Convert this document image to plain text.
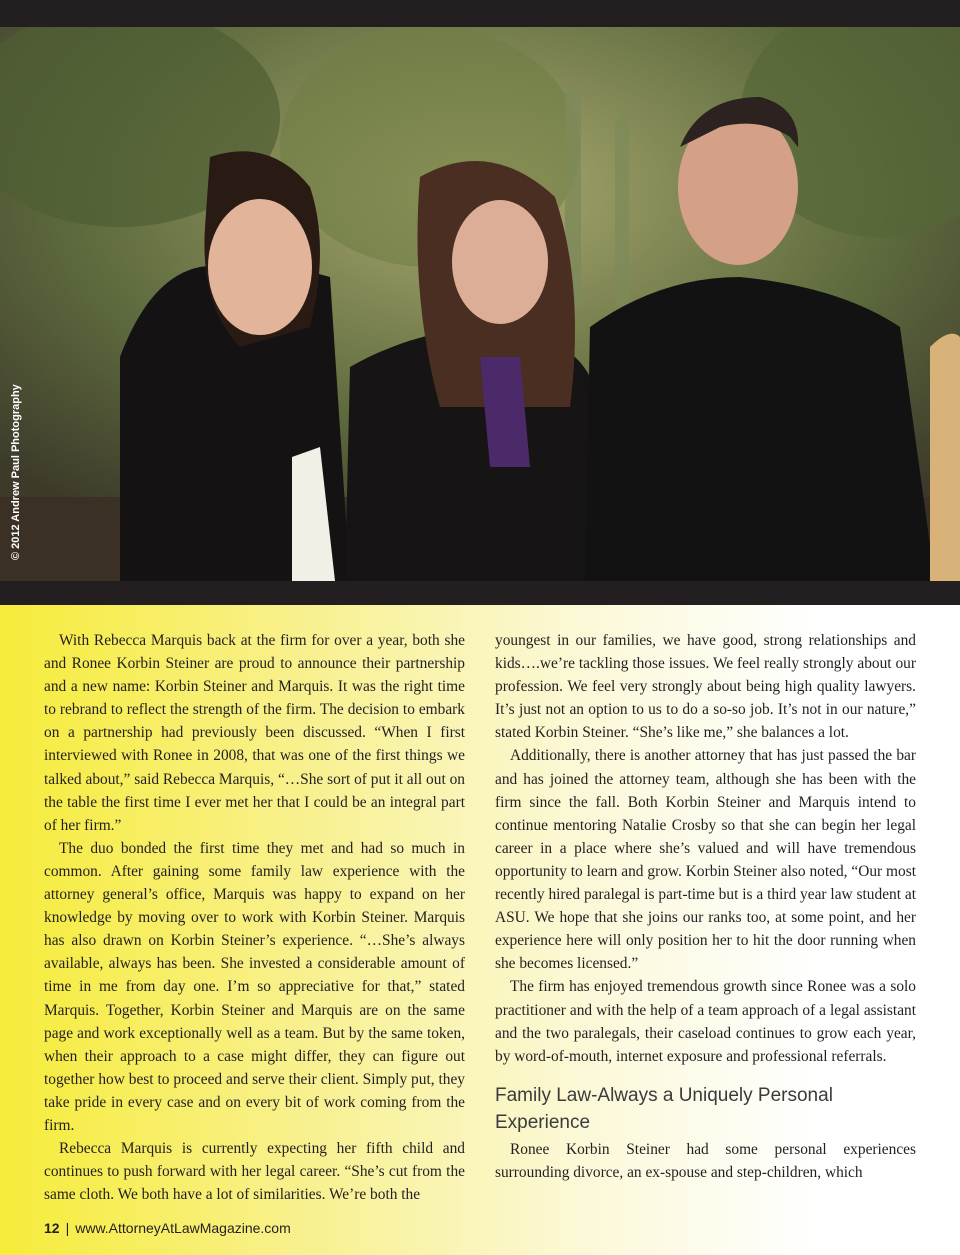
© 2012 Andrew Paul Photography

With Rebecca Marquis back at the firm for over a year, both she and Ronee Korbin Steiner are proud to announce their partnership and a new name: Korbin Steiner and Marquis. It was the right time to rebrand to reflect the strength of the firm. The decision to embark on a partnership had previously been discussed. “When I first interviewed with Ronee in 2008, that was one of the first things we talked about,” said Rebecca Marquis, “…She sort of put it all out on the table the first time I ever met her that I could be an integral part of her firm.”

The duo bonded the first time they met and had so much in common. After gaining some family law experience with the attorney general’s office, Marquis was happy to expand on her knowledge by moving over to work with Korbin Steiner. Marquis has also drawn on Korbin Steiner’s experience. “…She’s always available, always has been. She invested a considerable amount of time in me from day one. I’m so appreciative for that,” stated Marquis. Together, Korbin Steiner and Marquis are on the same page and work exceptionally well as a team. But by the same token, when their approach to a case might differ, they can figure out together how best to proceed and serve their client. Simply put, they take pride in every case and on every bit of work coming from the firm.

Rebecca Marquis is currently expecting her fifth child and continues to push forward with her legal career. “She’s cut from the same cloth. We both have a lot of similarities. We’re both the

youngest in our families, we have good, strong relationships and kids….we’re tackling those issues. We feel really strongly about our profession. We feel very strongly about being high quality lawyers. It’s just not an option to us to do a so-so job. It’s not in our nature,” stated Korbin Steiner. “She’s like me,” she balances a lot.

Additionally, there is another attorney that has just passed the bar and has joined the attorney team, although she has been with the firm since the fall. Both Korbin Steiner and Marquis intend to continue mentoring Natalie Crosby so that she can begin her legal career in a place where she’s valued and will have tremendous opportunity to learn and grow. Korbin Steiner also noted, “Our most recently hired paralegal is part-time but is a third year law student at ASU. We hope that she joins our ranks too, at some point, and her experience here will only position her to hit the door running when she becomes licensed.”

The firm has enjoyed tremendous growth since Ronee was a solo practitioner and with the help of a team approach of a legal assistant and the two paralegals, their caseload continues to grow each year, by word-of-mouth, internet exposure and professional referrals.

Family Law-Always a Uniquely Personal Experience

Ronee Korbin Steiner had some personal experiences surrounding divorce, an ex-spouse and step-children, which

12 | www.AttorneyAtLawMagazine.com
